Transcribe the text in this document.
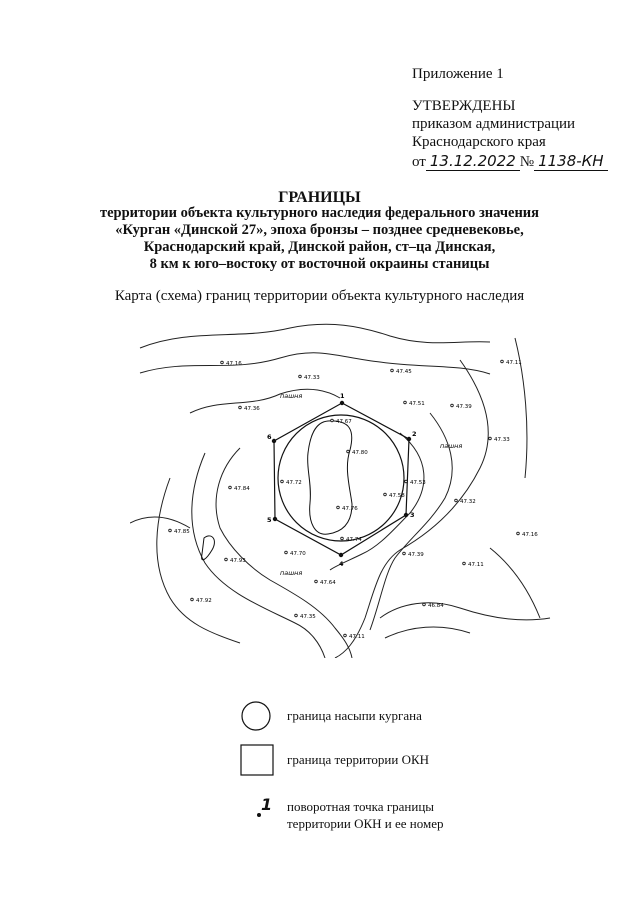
Приложение 1
УТВЕРЖДЕНЫ
приказом администрации
Краснодарского края
от 13.12.2022 № 1138-КН
ГРАНИЦЫ
территории объекта культурного наследия федерального значения
«Курган «Динской 27», эпоха бронзы – позднее средневековье,
Краснодарский край, Динской район, ст–ца Динская,
8 км к юго–востоку от восточной окраины станицы
Карта (схема) границ территории объекта культурного наследия
1
2
3
4
5
6
47.16
47.33
47.45
47.11
47.36
47.51	47.39
47.67
47.80
47.33
47.84
47.72	47.53
47.32
47.58
47.76
47.85
47.74
47.16
47.70	47.39
47.93
47.11
47.64
47.92
46.84
47.35
47.11
пашня
пашня
пашня
граница насыпи кургана
граница территории ОКН
1 поворотная точка границы
территории ОКН и ее номер
